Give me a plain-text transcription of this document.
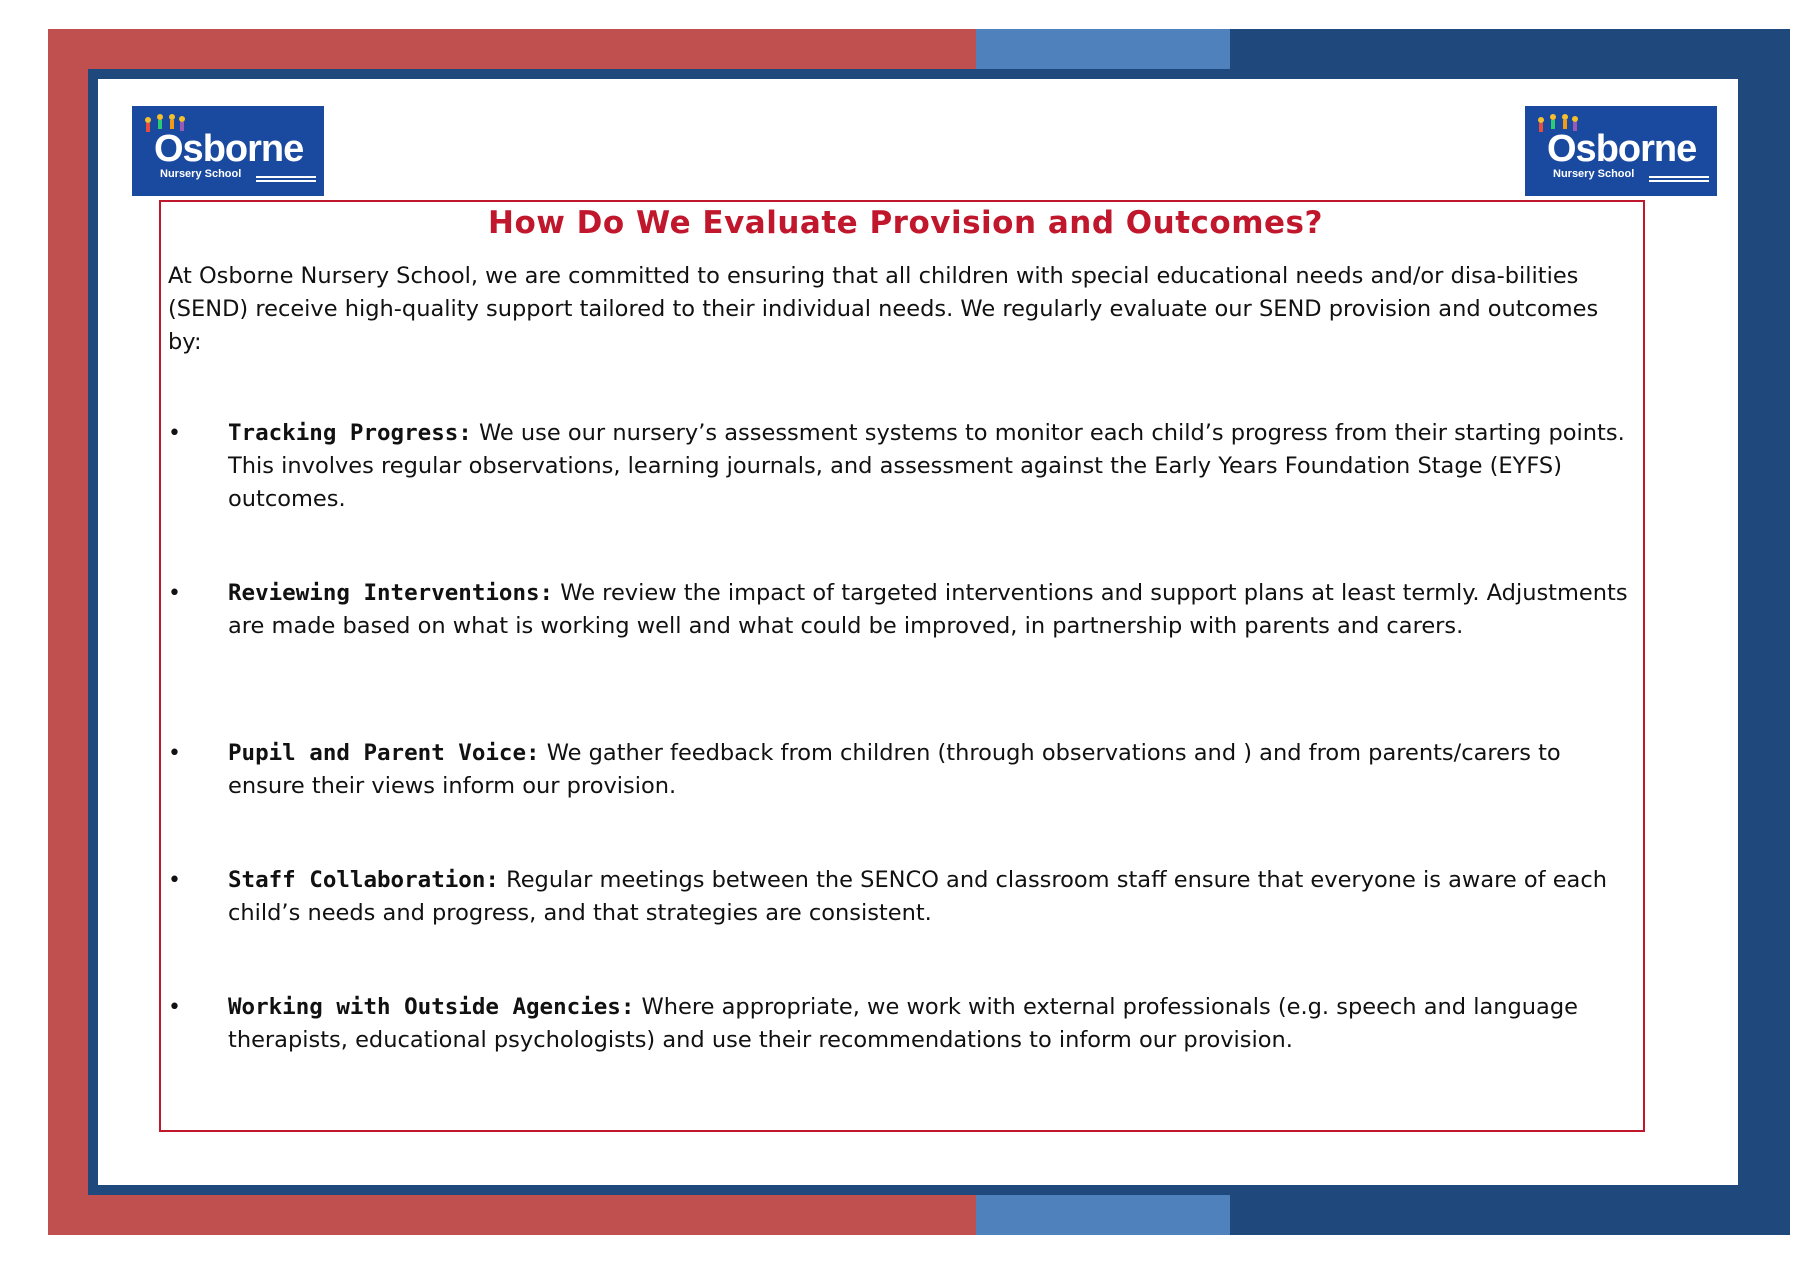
Osborne
Nursery School
Osborne
Nursery School
How Do We Evaluate Provision and Outcomes?
At Osborne Nursery School, we are committed to ensuring that all children with special educational needs and/or disa-bilities (SEND) receive high-quality support tailored to their individual needs. We regularly evaluate our SEND provision and outcomes by:
•	Tracking Progress: We use our nursery’s assessment systems to monitor each child’s progress from their starting points. This involves regular observations, learning journals, and assessment against the Early Years Foundation Stage (EYFS) outcomes.
•	Reviewing Interventions: We review the impact of targeted interventions and support plans at least termly. Adjustments are made based on what is working well and what could be improved, in partnership with parents and carers.
•	Pupil and Parent Voice: We gather feedback from children (through observations and ) and from parents/carers to ensure their views inform our provision.
•	Staff Collaboration: Regular meetings between the SENCO and classroom staff ensure that everyone is aware of each child’s needs and progress, and that strategies are consistent.
•	Working with Outside Agencies: Where appropriate, we work with external professionals (e.g. speech and language therapists, educational psychologists) and use their recommendations to inform our provision.
